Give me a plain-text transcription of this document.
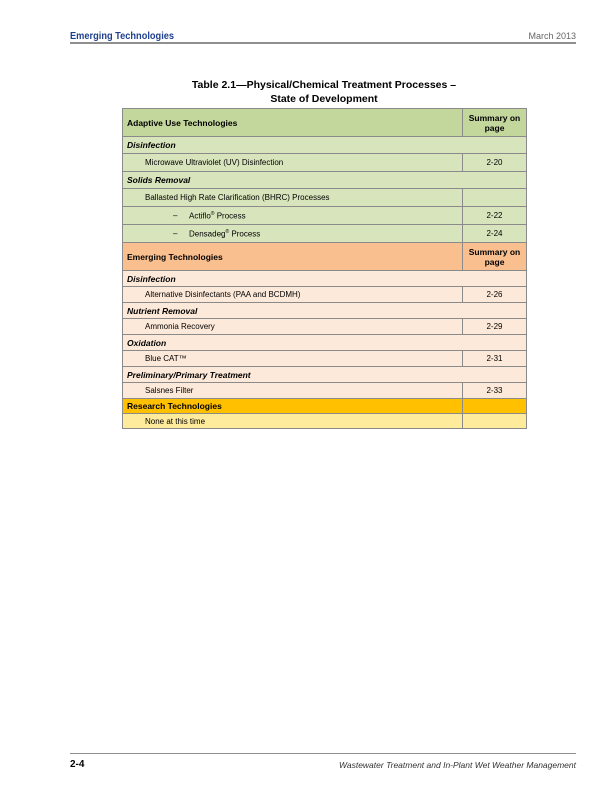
Emerging Technologies	March 2013
Table 2.1—Physical/Chemical Treatment Processes –
State of Development
Adaptive Use Technologies	Summary on page
Disinfection	
Microwave Ultraviolet (UV) Disinfection	2-20
Solids Removal	
Ballasted High Rate Clarification (BHRC) Processes	
– Actiflo® Process	2-22
– Densadeg® Process	2-24
Emerging Technologies	Summary on page
Disinfection	
Alternative Disinfectants (PAA and BCDMH)	2-26
Nutrient Removal	
Ammonia Recovery	2-29
Oxidation	
Blue CAT™	2-31
Preliminary/Primary Treatment	
Salsnes Filter	2-33
Research Technologies	
None at this time	
2-4	Wastewater Treatment and In-Plant Wet Weather Management
